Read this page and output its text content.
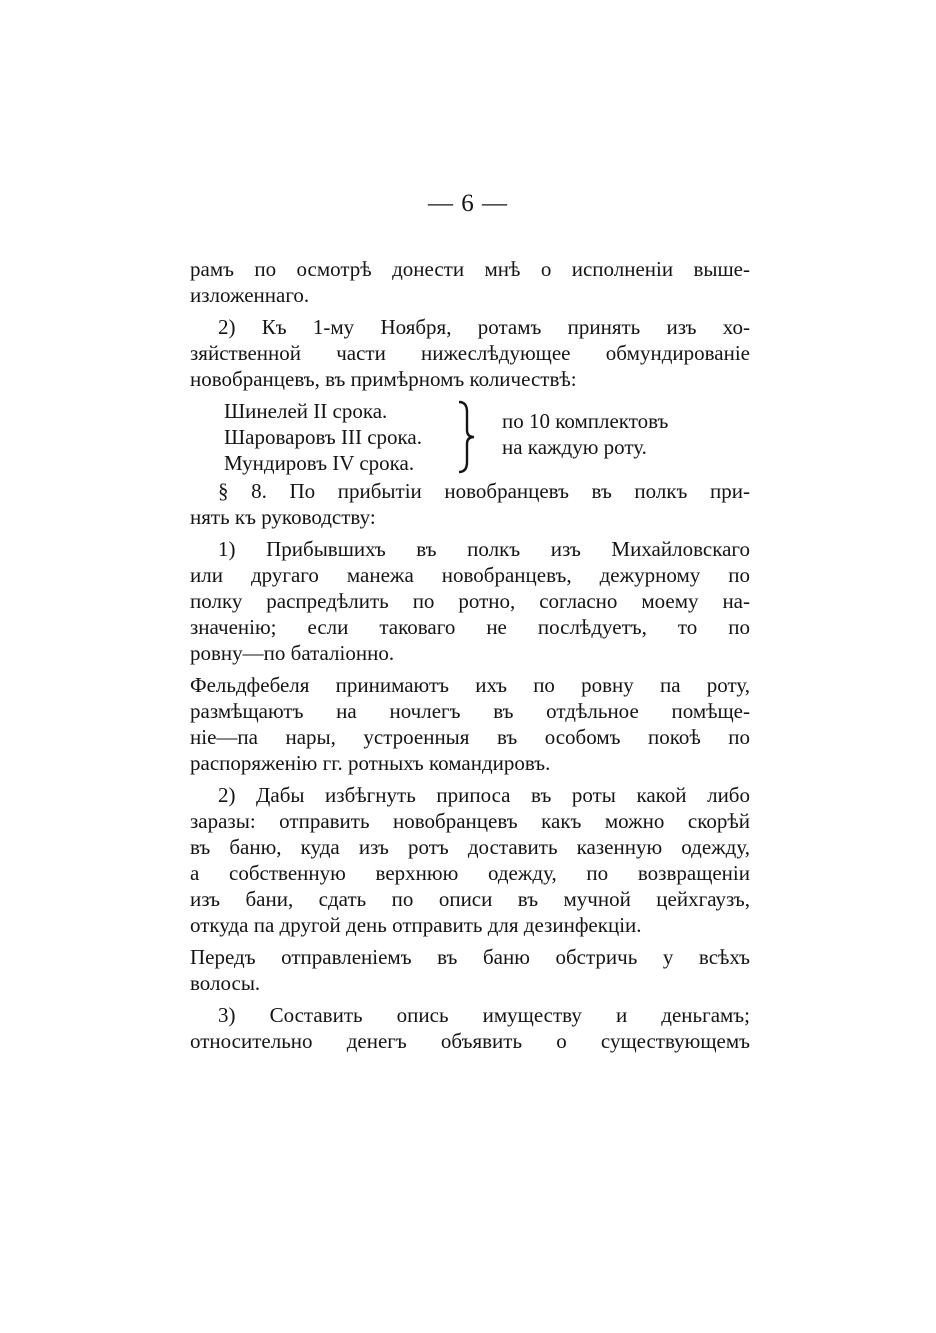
— 6 —

рамъ по осмотрѣ донести мнѣ о исполненіи выше-
изложеннаго.

2) Къ 1-му Ноября, ротамъ принять изъ хо-
зяйственной части нижеслѣдующее обмундированіе
новобранцевъ, въ примѣрномъ количествѣ:

Шинелей II срока.
Шароваровъ III срока.
Мундировъ IV срока.
по 10 комплектовъ
на каждую роту.

§ 8. По прибытіи новобранцевъ въ полкъ при-
нять къ руководству:

1) Прибывшихъ въ полкъ изъ Михайловскаго
или другаго манежа новобранцевъ, дежурному по
полку распредѣлить по ротно, согласно моему на-
значенію; если таковаго не послѣдуетъ, то по
ровну—по баталіонно.

Фельдфебеля принимаютъ ихъ по ровну па роту,
размѣщаютъ на ночлегъ въ отдѣльное помѣще-
ніе—па нары, устроенныя въ особомъ покоѣ по
распоряженію гг. ротныхъ командировъ.

2) Дабы избѣгнуть припоса въ роты какой либо
заразы: отправить новобранцевъ какъ можно скорѣй
въ баню, куда изъ ротъ доставить казенную одежду,
а собственную верхнюю одежду, по возвращеніи
изъ бани, сдать по описи въ мучной цейхгаузъ,
откуда па другой день отправить для дезинфекціи.

Передъ отправленіемъ въ баню обстричь у всѣхъ
волосы.

3) Составить опись имуществу и деньгамъ;
относительно денегъ объявить о существующемъ
